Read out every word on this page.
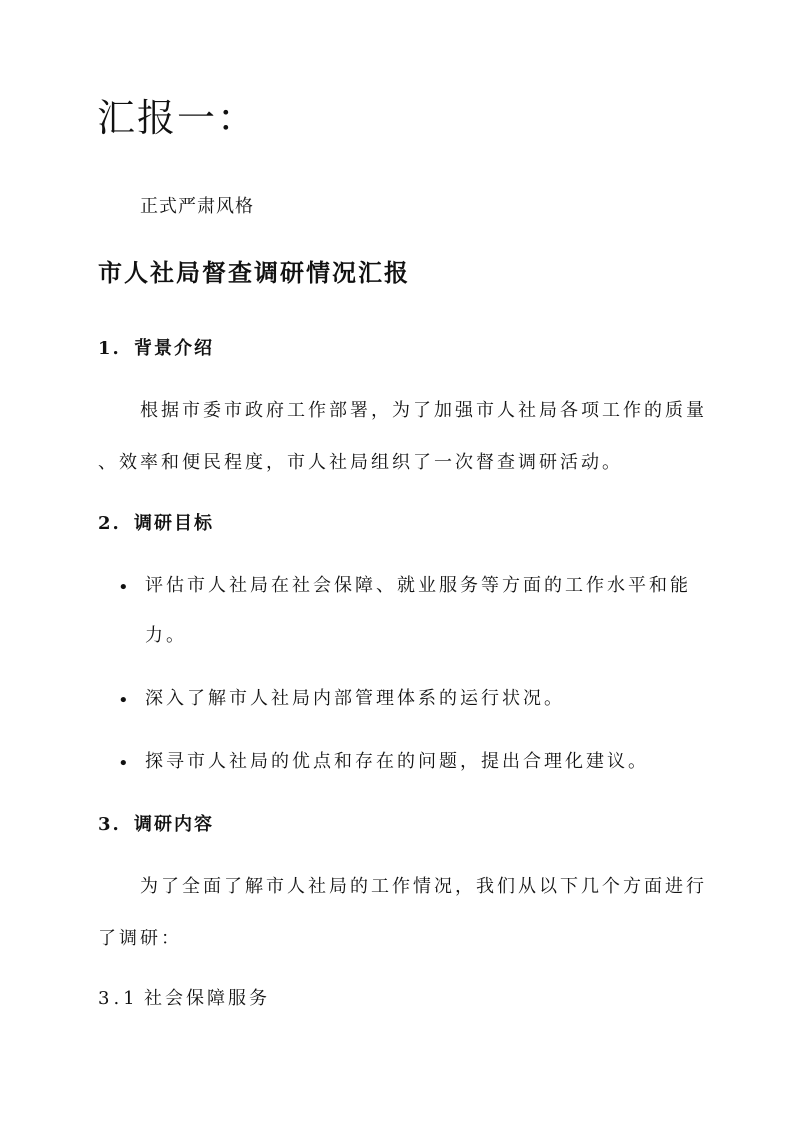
汇报一：
正式严肃风格
市人社局督查调研情况汇报
1. 背景介绍
根据市委市政府工作部署，为了加强市人社局各项工作的质量
、效率和便民程度，市人社局组织了一次督查调研活动。
2. 调研目标
• 评估市人社局在社会保障、就业服务等方面的工作水平和能
力。
• 深入了解市人社局内部管理体系的运行状况。
• 探寻市人社局的优点和存在的问题，提出合理化建议。
3. 调研内容
为了全面了解市人社局的工作情况，我们从以下几个方面进行
了调研：
3.1 社会保障服务
